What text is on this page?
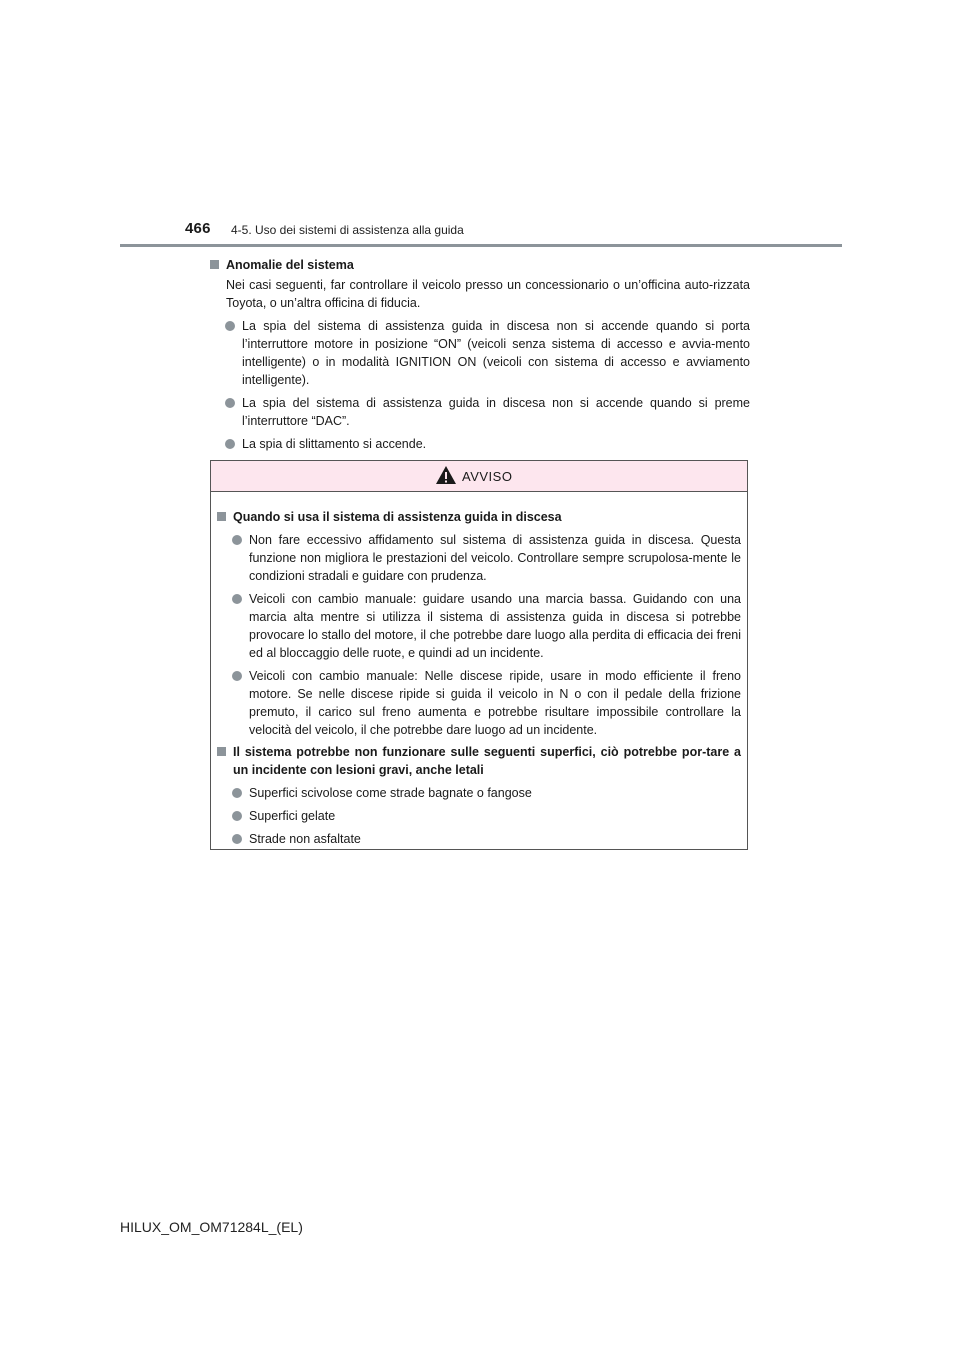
466 4-5. Uso dei sistemi di assistenza alla guida

Anomalie del sistema

Nei casi seguenti, far controllare il veicolo presso un concessionario o un’officina auto-rizzata Toyota, o un’altra officina di fiducia.

La spia del sistema di assistenza guida in discesa non si accende quando si porta l’interruttore motore in posizione “ON” (veicoli senza sistema di accesso e avvia-mento intelligente) o in modalità IGNITION ON (veicoli con sistema di accesso e avviamento intelligente).
La spia del sistema di assistenza guida in discesa non si accende quando si preme l’interruttore “DAC”.
La spia di slittamento si accende.
AVVISO

Quando si usa il sistema di assistenza guida in discesa

Non fare eccessivo affidamento sul sistema di assistenza guida in discesa. Questa funzione non migliora le prestazioni del veicolo. Controllare sempre scrupolosa-mente le condizioni stradali e guidare con prudenza.
Veicoli con cambio manuale: guidare usando una marcia bassa. Guidando con una marcia alta mentre si utilizza il sistema di assistenza guida in discesa si potrebbe provocare lo stallo del motore, il che potrebbe dare luogo alla perdita di efficacia dei freni ed al bloccaggio delle ruote, e quindi ad un incidente.
Veicoli con cambio manuale: Nelle discese ripide, usare in modo efficiente il freno motore. Se nelle discese ripide si guida il veicolo in N o con il pedale della frizione premuto, il carico sul freno aumenta e potrebbe risultare impossibile controllare la velocità del veicolo, il che potrebbe dare luogo ad un incidente.

Il sistema potrebbe non funzionare sulle seguenti superfici, ciò potrebbe por-tare a un incidente con lesioni gravi, anche letali

Superfici scivolose come strade bagnate o fangose
Superfici gelate
Strade non asfaltate
HILUX_OM_OM71284L_(EL)
